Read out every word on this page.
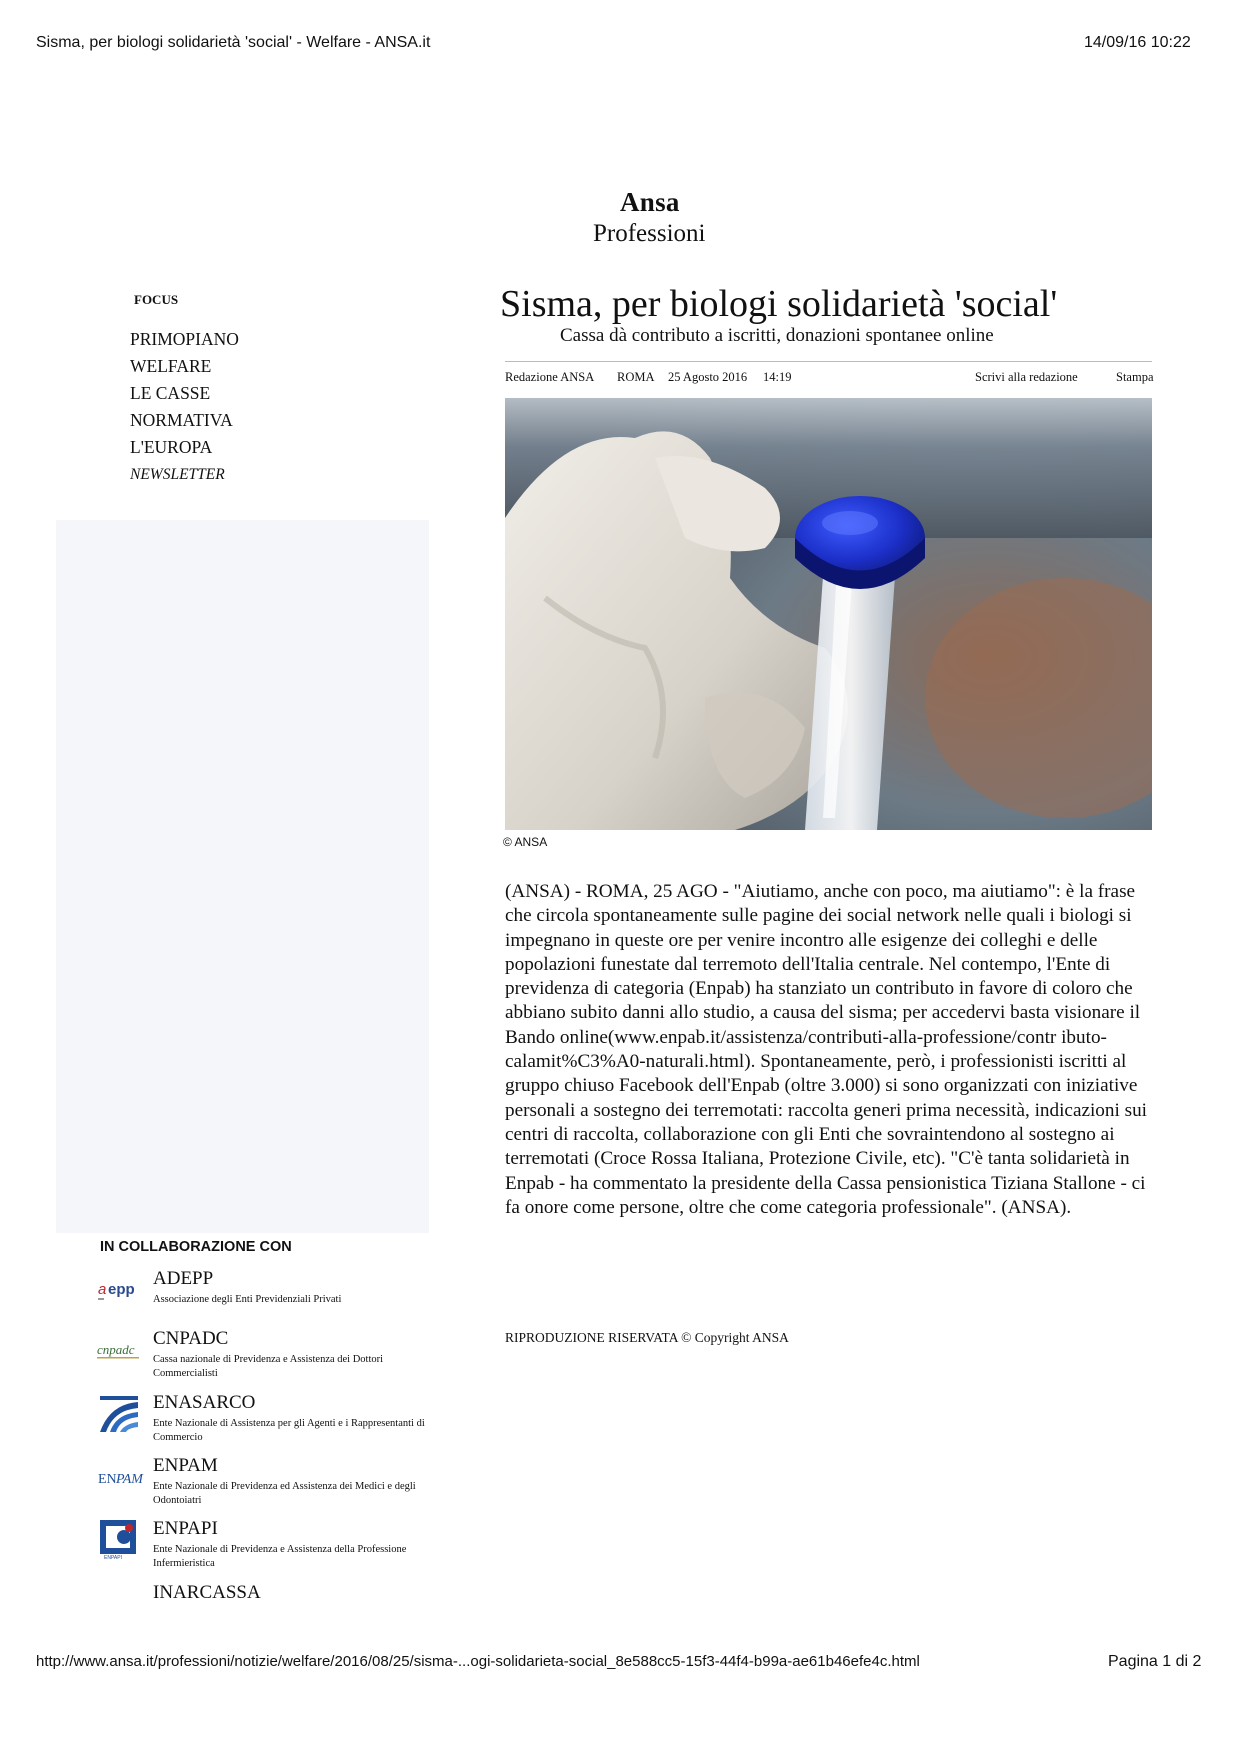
Sisma, per biologi solidarietà 'social' - Welfare - ANSA.it	14/09/16 10:22
Ansa
Professioni
FOCUS
PRIMOPIANO
WELFARE
LE CASSE
NORMATIVA
L'EUROPA
NEWSLETTER
IN COLLABORAZIONE CON
a epp
ADEPP
Associazione degli Enti Previdenziali Privati
cnpadc
CNPADC
Cassa nazionale di Previdenza e Assistenza dei Dottori Commercialisti
ENASARCO
Ente Nazionale di Assistenza per gli Agenti e i Rappresentanti di Commercio
EN PAM
ENPAM
Ente Nazionale di Previdenza ed Assistenza dei Medici e degli Odontoiatri
ENPAPI
ENPAPI
Ente Nazionale di Previdenza e Assistenza della Professione Infermieristica
INARCASSA
Sisma, per biologi solidarietà 'social'
Cassa dà contributo a iscritti, donazioni spontanee online
Redazione ANSA ROMA 25 Agosto 2016 14:19	Scrivi alla redazione	Stampa
© ANSA
(ANSA) - ROMA, 25 AGO - "Aiutiamo, anche con poco, ma aiutiamo": è la frase che circola spontaneamente sulle pagine dei social network nelle quali i biologi si impegnano in queste ore per venire incontro alle esigenze dei colleghi e delle popolazioni funestate dal terremoto dell'Italia centrale. Nel contempo, l'Ente di previdenza di categoria (Enpab) ha stanziato un contributo in favore di coloro che abbiano subito danni allo studio, a causa del sisma; per accedervi basta visionare il Bando online(www.enpab.it/assistenza/contributi-alla-professione/contr ibuto-calamit%C3%A0-naturali.html). Spontaneamente, però, i professionisti iscritti al gruppo chiuso Facebook dell'Enpab (oltre 3.000) si sono organizzati con iniziative personali a sostegno dei terremotati: raccolta generi prima necessità, indicazioni sui centri di raccolta, collaborazione con gli Enti che sovraintendono al sostegno ai terremotati (Croce Rossa Italiana, Protezione Civile, etc). "C'è tanta solidarietà in Enpab - ha commentato la presidente della Cassa pensionistica Tiziana Stallone - ci fa onore come persone, oltre che come categoria professionale". (ANSA).
RIPRODUZIONE RISERVATA © Copyright ANSA
http://www.ansa.it/professioni/notizie/welfare/2016/08/25/sisma-...ogi-solidarieta-social_8e588cc5-15f3-44f4-b99a-ae61b46efe4c.html	Pagina 1 di 2
